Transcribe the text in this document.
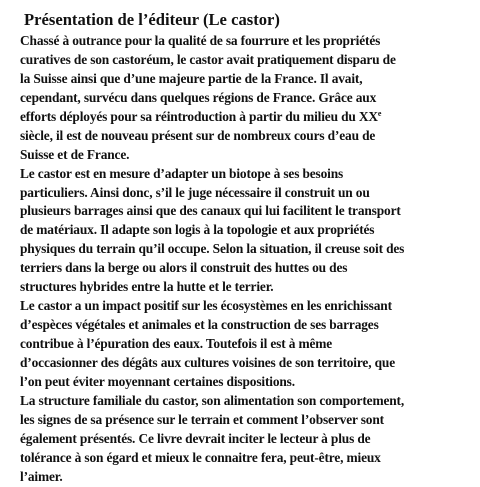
Présentation de l’éditeur (Le castor)
Chassé à outrance pour la qualité de sa fourrure et les propriétés
curatives de son castoréum, le castor avait pratiquement disparu de
la Suisse ainsi que d’une majeure partie de la France. Il avait,
cependant, survécu dans quelques régions de France. Grâce aux
efforts déployés pour sa réintroduction à partir du milieu du XXe
siècle, il est de nouveau présent sur de nombreux cours d’eau de
Suisse et de France.
Le castor est en mesure d’adapter un biotope à ses besoins
particuliers. Ainsi donc, s’il le juge nécessaire il construit un ou
plusieurs barrages ainsi que des canaux qui lui facilitent le transport
de matériaux. Il adapte son logis à la topologie et aux propriétés
physiques du terrain qu’il occupe. Selon la situation, il creuse soit des
terriers dans la berge ou alors il construit des huttes ou des
structures hybrides entre la hutte et le terrier.
Le castor a un impact positif sur les écosystèmes en les enrichissant
d’espèces végétales et animales et la construction de ses barrages
contribue à l’épuration des eaux. Toutefois il est à même
d’occasionner des dégâts aux cultures voisines de son territoire, que
l’on peut éviter moyennant certaines dispositions.
La structure familiale du castor, son alimentation son comportement,
les signes de sa présence sur le terrain et comment l’observer sont
également présentés. Ce livre devrait inciter le lecteur à plus de
tolérance à son égard et mieux le connaitre fera, peut-être, mieux
l’aimer.
